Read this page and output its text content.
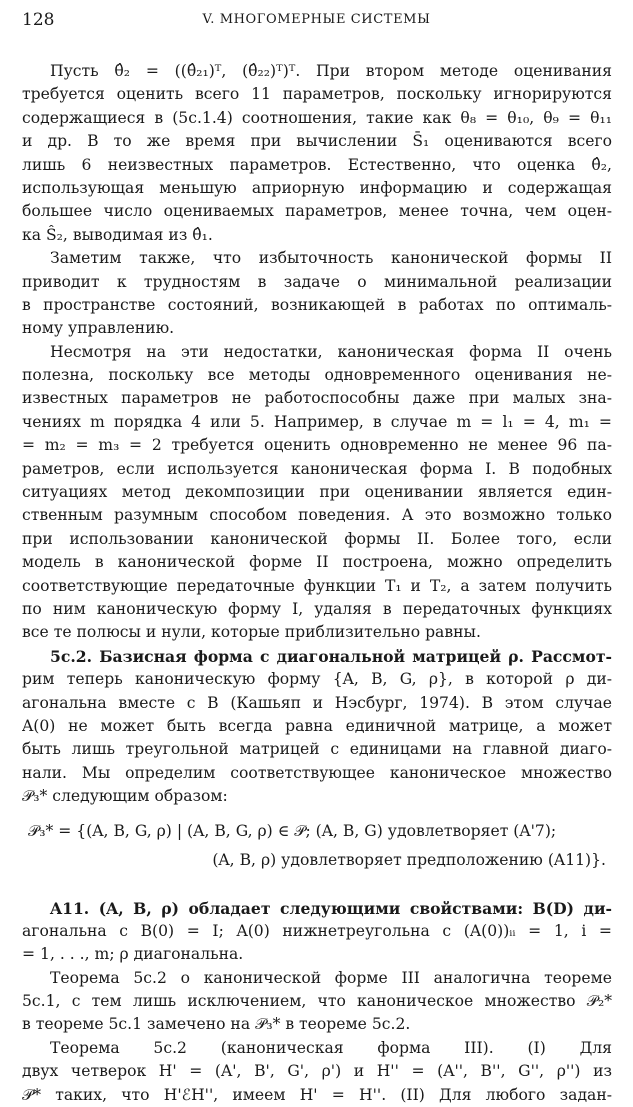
128	V. МНОГОМЕРНЫЕ СИСТЕМЫ
Пусть θ̂₂ = ((θ̂₂₁)ᵀ, (θ̂₂₂)ᵀ)ᵀ. При втором методе оценивания
требуется оценить всего 11 параметров, поскольку игнорируются
содержащиеся в (5с.1.4) соотношения, такие как θ₈ = θ₁₀, θ₉ = θ₁₁
и др. В то же время при вычислении S̄₁ оцениваются всего
лишь 6 неизвестных параметров. Естественно, что оценка θ̂₂,
использующая меньшую априорную информацию и содержащая
большее число оцениваемых параметров, менее точна, чем оцен-
ка Ŝ₂, выводимая из θ̂₁.
Заметим также, что избыточность канонической формы II
приводит к трудностям в задаче о минимальной реализации
в пространстве состояний, возникающей в работах по оптималь-
ному управлению.
Несмотря на эти недостатки, каноническая форма II очень
полезна, поскольку все методы одновременного оценивания не-
известных параметров не работоспособны даже при малых зна-
чениях m порядка 4 или 5. Например, в случае m = l₁ = 4, m₁ =
= m₂ = m₃ = 2 требуется оценить одновременно не менее 96 па-
раметров, если используется каноническая форма I. В подобных
ситуациях метод декомпозиции при оценивании является един-
ственным разумным способом поведения. А это возможно только
при использовании канонической формы II. Более того, если
модель в канонической форме II построена, можно определить
соответствующие передаточные функции T₁ и T₂, а затем получить
по ним каноническую форму I, удаляя в передаточных функциях
все те полюсы и нули, которые приблизительно равны.
5с.2. Базисная форма с диагональной матрицей ρ. Рассмот-
рим теперь каноническую форму {A, B, G, ρ}, в которой ρ ди-
агональна вместе с B (Кашьяп и Нэсбург, 1974). В этом случае
A(0) не может быть всегда равна единичной матрице, а может
быть лишь треугольной матрицей с единицами на главной диаго-
нали. Мы определим соответствующее каноническое множество
𝒫₃* следующим образом:
𝒫₃* = {(A, B, G, ρ) | (A, B, G, ρ) ∈ 𝒫; (A, B, G) удовлетворяет (A'7);
(A, B, ρ) удовлетворяет предположению (A11)}.
A11. (A, B, ρ) обладает следующими свойствами: B(D) ди-
агональна с B(0) = I; A(0) нижнетреугольна с (A(0))ᵢᵢ = 1, i =
= 1, . . ., m; ρ диагональна.
Теорема 5с.2 о канонической форме III аналогична теореме
5с.1, с тем лишь исключением, что каноническое множество 𝒫₂*
в теореме 5с.1 замечено на 𝒫₃* в теореме 5с.2.
Теорема 5с.2 (каноническая форма III). (I) Для
двух четверок H' = (A', B', G', ρ') и H'' = (A'', B'', G'', ρ'') из
𝒫* таких, что H'ℰH'', имеем H' = H''. (II) Для любого задан-
